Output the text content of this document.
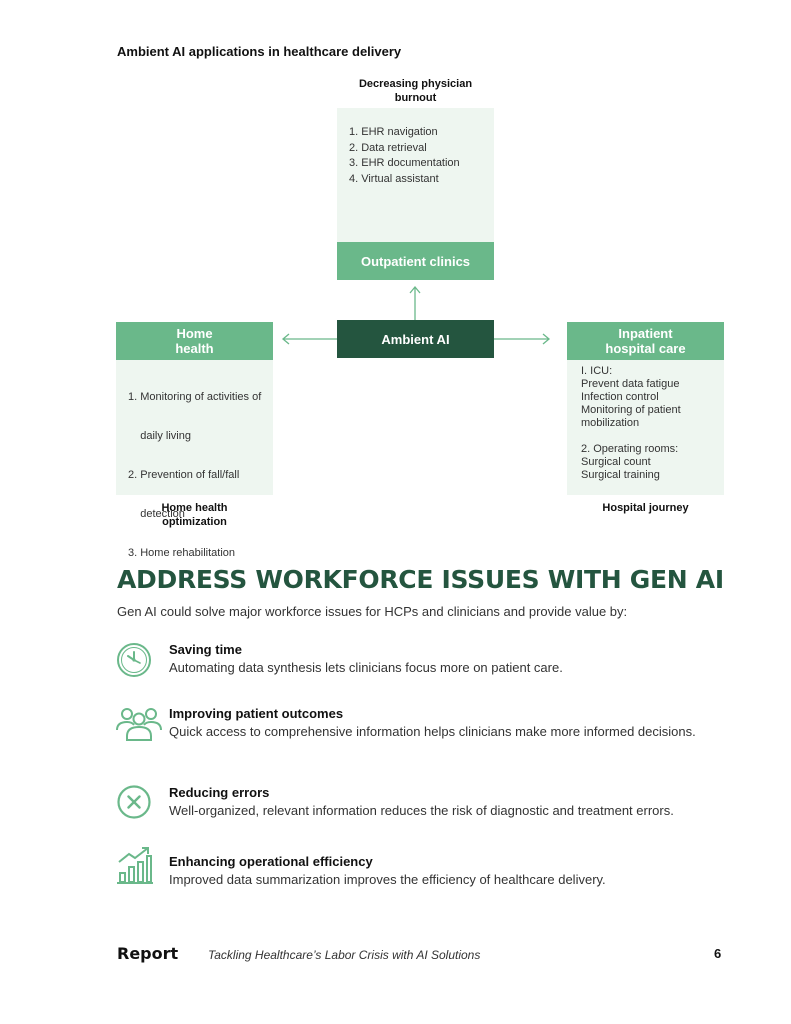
Ambient AI applications in healthcare delivery
Decreasing physician
burnout
1. EHR navigation
2. Data retrieval
3. EHR documentation
4. Virtual assistant
Outpatient clinics
Ambient AI
Home
health

1. Monitoring of activities of

daily living

2. Prevention of fall/fall

detection

3. Home rehabilitation

Home health
optimization
Inpatient
hospital care
I. ICU:
Prevent data fatigue
Infection control
Monitoring of patient
mobilization
2. Operating rooms:
Surgical count
Surgical training
Hospital journey
ADDRESS WORKFORCE ISSUES WITH GEN AI
Gen AI could solve major workforce issues for HCPs and clinicians and provide value by:
Saving time
Automating data synthesis lets clinicians focus more on patient care.
Improving patient outcomes
Quick access to comprehensive information helps clinicians make more informed decisions.
Reducing errors
Well-organized, relevant information reduces the risk of diagnostic and treatment errors.
Enhancing operational efficiency
Improved data summarization improves the efficiency of healthcare delivery.
Report Tackling Healthcare’s Labor Crisis with AI Solutions	6
